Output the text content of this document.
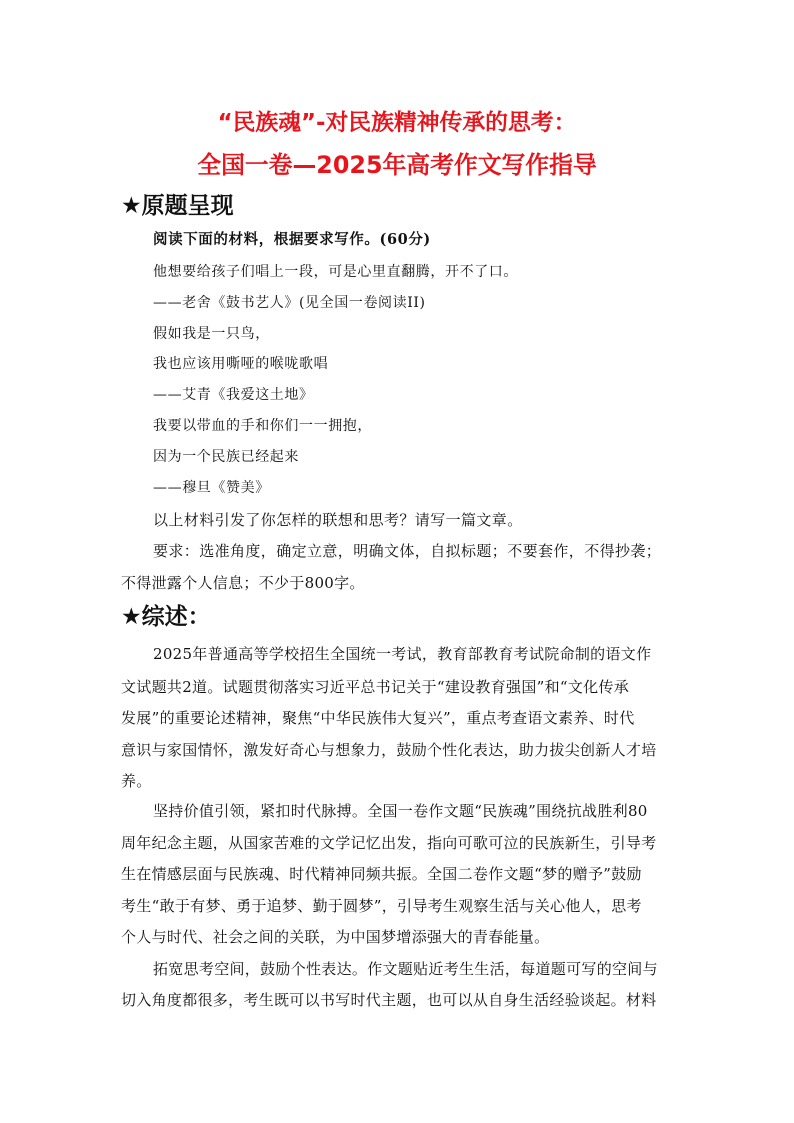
“民族魂”-对民族精神传承的思考：
全国一卷—2025年高考作文写作指导
★原题呈现
阅读下面的材料，根据要求写作。(60分)
他想要给孩子们唱上一段，可是心里直翻腾，开不了口。
——老舍《鼓书艺人》(见全国一卷阅读II)
假如我是一只鸟，
我也应该用嘶哑的喉咙歌唱
——艾青《我爱这土地》
我要以带血的手和你们一一拥抱，
因为一个民族已经起来
——穆旦《赞美》
以上材料引发了你怎样的联想和思考？请写一篇文章。
要求：选准角度，确定立意，明确文体，自拟标题；不要套作，不得抄袭；
不得泄露个人信息；不少于800字。
★综述：
2025年普通高等学校招生全国统一考试，教育部教育考试院命制的语文作
文试题共2道。试题贯彻落实习近平总书记关于“建设教育强国”和“文化传承
发展”的重要论述精神，聚焦“中华民族伟大复兴”，重点考查语文素养、时代
意识与家国情怀，激发好奇心与想象力，鼓励个性化表达，助力拔尖创新人才培
养。
坚持价值引领，紧扣时代脉搏。全国一卷作文题“民族魂”围绕抗战胜利80
周年纪念主题，从国家苦难的文学记忆出发，指向可歌可泣的民族新生，引导考
生在情感层面与民族魂、时代精神同频共振。全国二卷作文题“梦的赠予”鼓励
考生“敢于有梦、勇于追梦、勤于圆梦”，引导考生观察生活与关心他人，思考
个人与时代、社会之间的关联，为中国梦增添强大的青春能量。
拓宽思考空间，鼓励个性表达。作文题贴近考生生活，每道题可写的空间与
切入角度都很多，考生既可以书写时代主题，也可以从自身生活经验谈起。材料
